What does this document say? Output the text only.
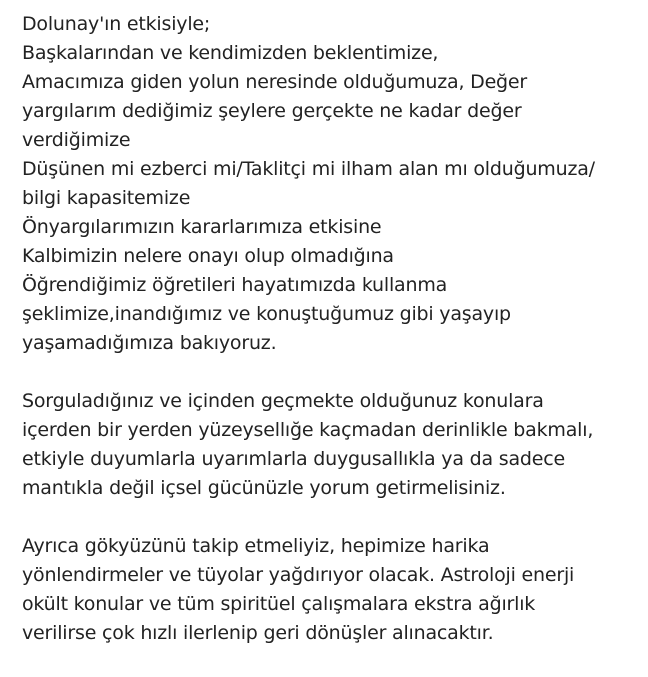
Dolunay'ın etkisiyle;
Başkalarından ve kendimizden beklentimize,
Amacımıza giden yolun neresinde olduğumuza, Değer
yargılarım dediğimiz şeylere gerçekte ne kadar değer
verdiğimize
Düşünen mi ezberci mi/Taklitçi mi ilham alan mı olduğumuza/
bilgi kapasitemize
Önyargılarımızın kararlarımıza etkisine
Kalbimizin nelere onayı olup olmadığına
Öğrendiğimiz öğretileri hayatımızda kullanma
şeklimize,inandığımız ve konuştuğumuz gibi yaşayıp
yaşamadığımıza bakıyoruz.
Sorguladığınız ve içinden geçmekte olduğunuz konulara
içerden bir yerden yüzeysellığe kaçmadan derinlikle bakmalı,
etkiyle duyumlarla uyarımlarla duygusallıkla ya da sadece
mantıkla değil içsel gücünüzle yorum getirmelisiniz.
Ayrıca gökyüzünü takip etmeliyiz, hepimize harika
yönlendirmeler ve tüyolar yağdırıyor olacak. Astroloji enerji
okült konular ve tüm spiritüel çalışmalara ekstra ağırlık
verilirse çok hızlı ilerlenip geri dönüşler alınacaktır.
